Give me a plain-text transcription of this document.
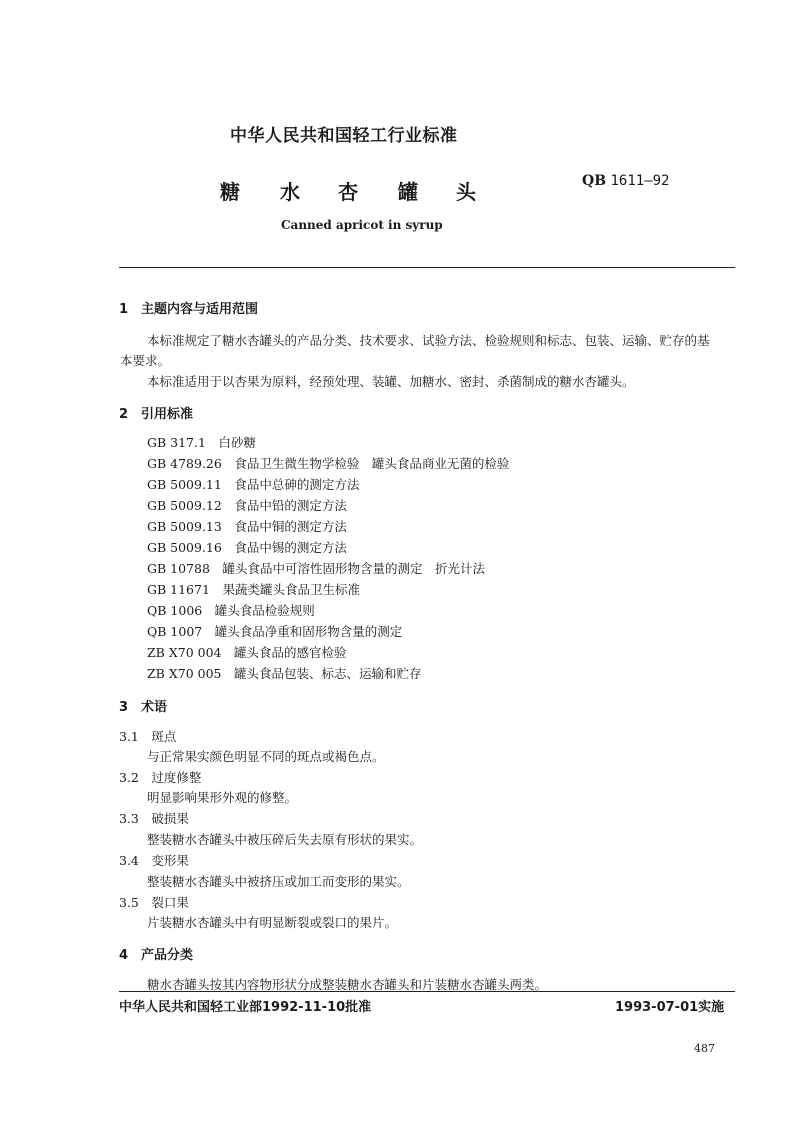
中华人民共和国轻工行业标准
糖 水 杏 罐 头	QB 1611—92
Canned apricot in syrup
1　主题内容与适用范围
本标准规定了糖水杏罐头的产品分类、技术要求、试验方法、检验规则和标志、包装、运输、贮存的基
本要求。
本标准适用于以杏果为原料，经预处理、装罐、加糖水、密封、杀菌制成的糖水杏罐头。
2　引用标准
GB 317.1　 白砂糖
GB 4789.26　 食品卫生微生物学检验　罐头食品商业无菌的检验
GB 5009.11　 食品中总砷的测定方法
GB 5009.12　 食品中铅的测定方法
GB 5009.13　 食品中铜的测定方法
GB 5009.16　 食品中锡的测定方法
GB 10788　 罐头食品中可溶性固形物含量的测定　折光计法
GB 11671　 果蔬类罐头食品卫生标准
QB 1006　 罐头食品检验规则
QB 1007　 罐头食品净重和固形物含量的测定
ZB X70 004　 罐头食品的感官检验
ZB X70 005　 罐头食品包装、标志、运输和贮存
3　术语
3.1　 斑点
与正常果实颜色明显不同的斑点或褐色点。
3.2　 过度修整
明显影响果形外观的修整。
3.3　 破损果
整装糖水杏罐头中被压碎后失去原有形状的果实。
3.4　 变形果
整装糖水杏罐头中被挤压或加工而变形的果实。
3.5　 裂口果
片装糖水杏罐头中有明显断裂或裂口的果片。
4　产品分类
糖水杏罐头按其内容物形状分成整装糖水杏罐头和片装糖水杏罐头两类。
中华人民共和国轻工业部1992-11-10批准	1993-07-01实施
487
